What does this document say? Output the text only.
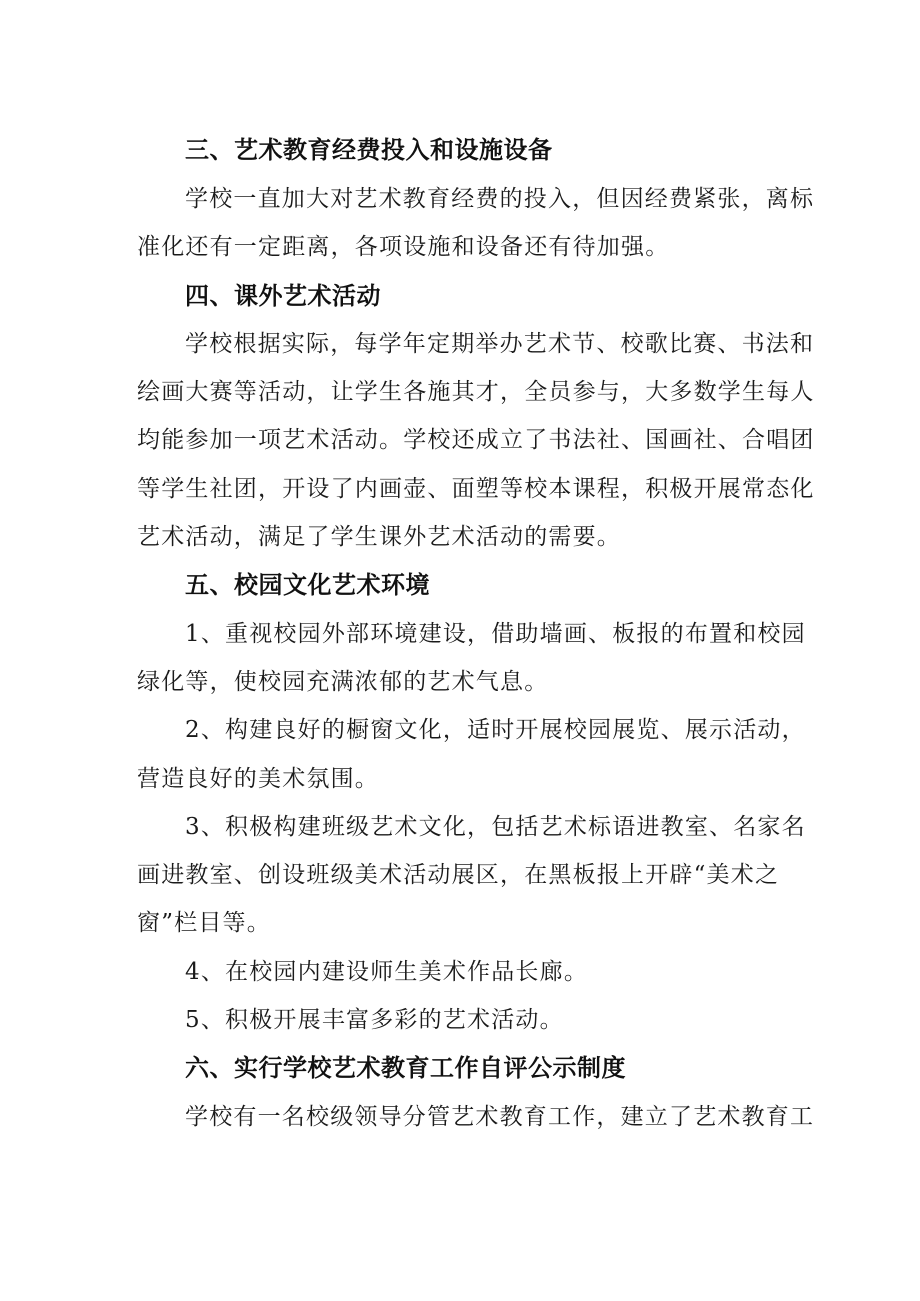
三、艺术教育经费投入和设施设备
学校一直加大对艺术教育经费的投入，但因经费紧张，离标
准化还有一定距离，各项设施和设备还有待加强。
四、课外艺术活动
学校根据实际，每学年定期举办艺术节、校歌比赛、书法和
绘画大赛等活动，让学生各施其才，全员参与，大多数学生每人
均能参加一项艺术活动。学校还成立了书法社、国画社、合唱团
等学生社团，开设了内画壶、面塑等校本课程，积极开展常态化
艺术活动，满足了学生课外艺术活动的需要。
五、校园文化艺术环境
1、重视校园外部环境建设，借助墙画、板报的布置和校园
绿化等，使校园充满浓郁的艺术气息。
2、构建良好的橱窗文化，适时开展校园展览、展示活动，
营造良好的美术氛围。
3、积极构建班级艺术文化，包括艺术标语进教室、名家名
画进教室、创设班级美术活动展区，在黑板报上开辟“美术之
窗”栏目等。
4、在校园内建设师生美术作品长廊。
5、积极开展丰富多彩的艺术活动。
六、实行学校艺术教育工作自评公示制度
学校有一名校级领导分管艺术教育工作，建立了艺术教育工
